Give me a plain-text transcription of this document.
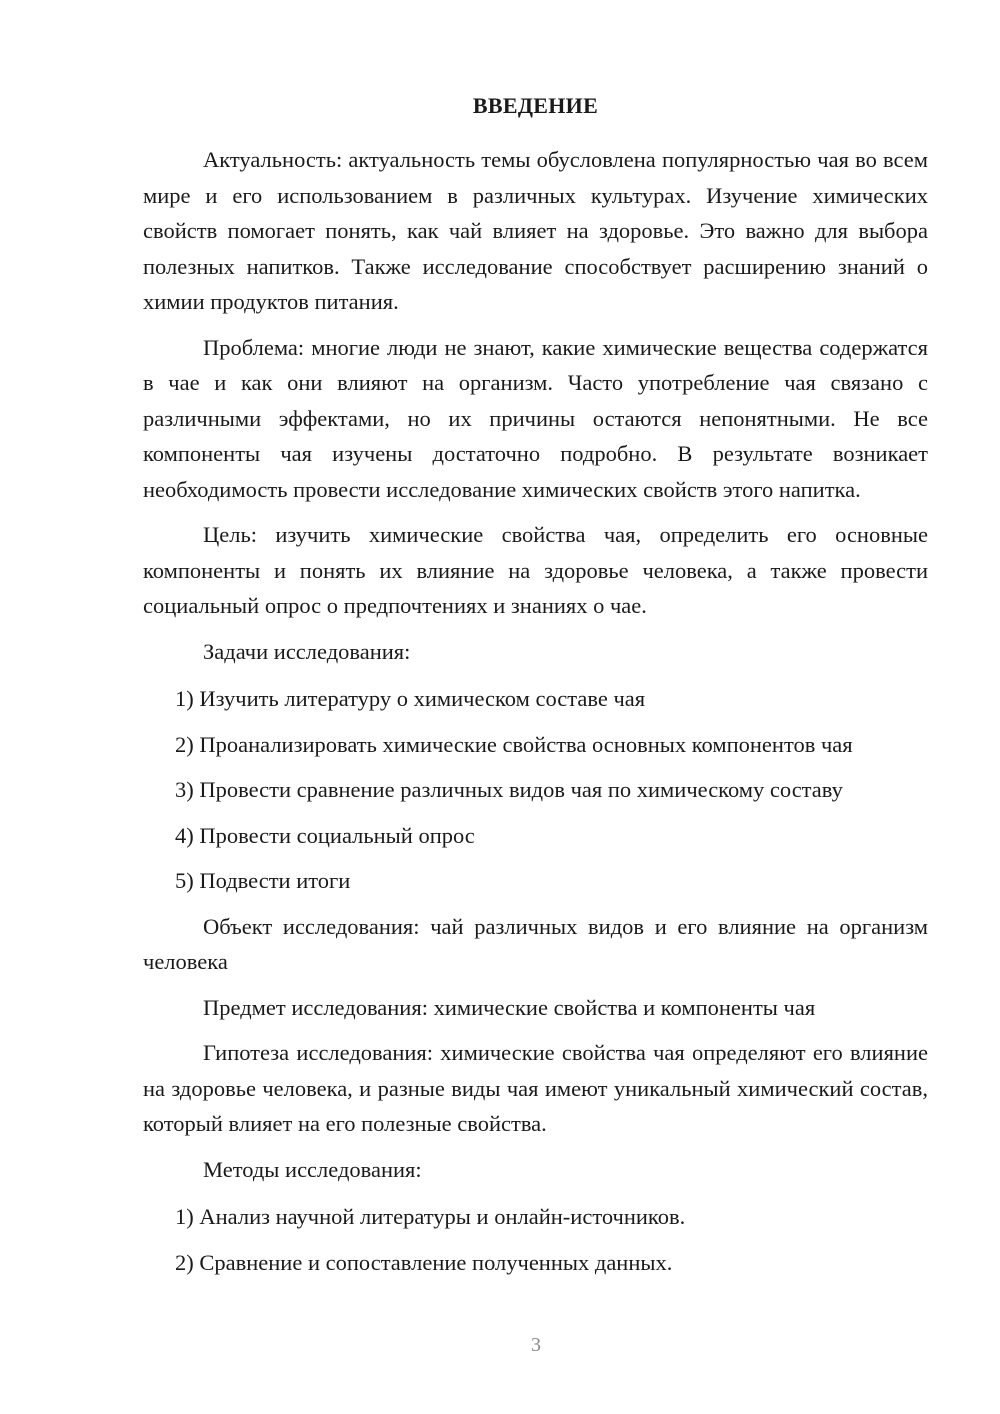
ВВЕДЕНИЕ

Актуальность: актуальность темы обусловлена популярностью чая во всем мире и его использованием в различных культурах. Изучение химических свойств помогает понять, как чай влияет на здоровье. Это важно для выбора полезных напитков. Также исследование способствует расширению знаний о химии продуктов питания.

Проблема: многие люди не знают, какие химические вещества содержатся в чае и как они влияют на организм. Часто употребление чая связано с различными эффектами, но их причины остаются непонятными. Не все компоненты чая изучены достаточно подробно. В результате возникает необходимость провести исследование химических свойств этого напитка.

Цель: изучить химические свойства чая, определить его основные компоненты и понять их влияние на здоровье человека, а также провести социальный опрос о предпочтениях и знаниях о чае.

Задачи исследования:

1) Изучить литературу о химическом составе чая
2) Проанализировать химические свойства основных компонентов чая
3) Провести сравнение различных видов чая по химическому составу
4) Провести социальный опрос
5) Подвести итоги

Объект исследования: чай различных видов и его влияние на организм человека

Предмет исследования: химические свойства и компоненты чая

Гипотеза исследования: химические свойства чая определяют его влияние на здоровье человека, и разные виды чая имеют уникальный химический состав, который влияет на его полезные свойства.

Методы исследования:

1) Анализ научной литературы и онлайн-источников.
2) Сравнение и сопоставление полученных данных.
3
